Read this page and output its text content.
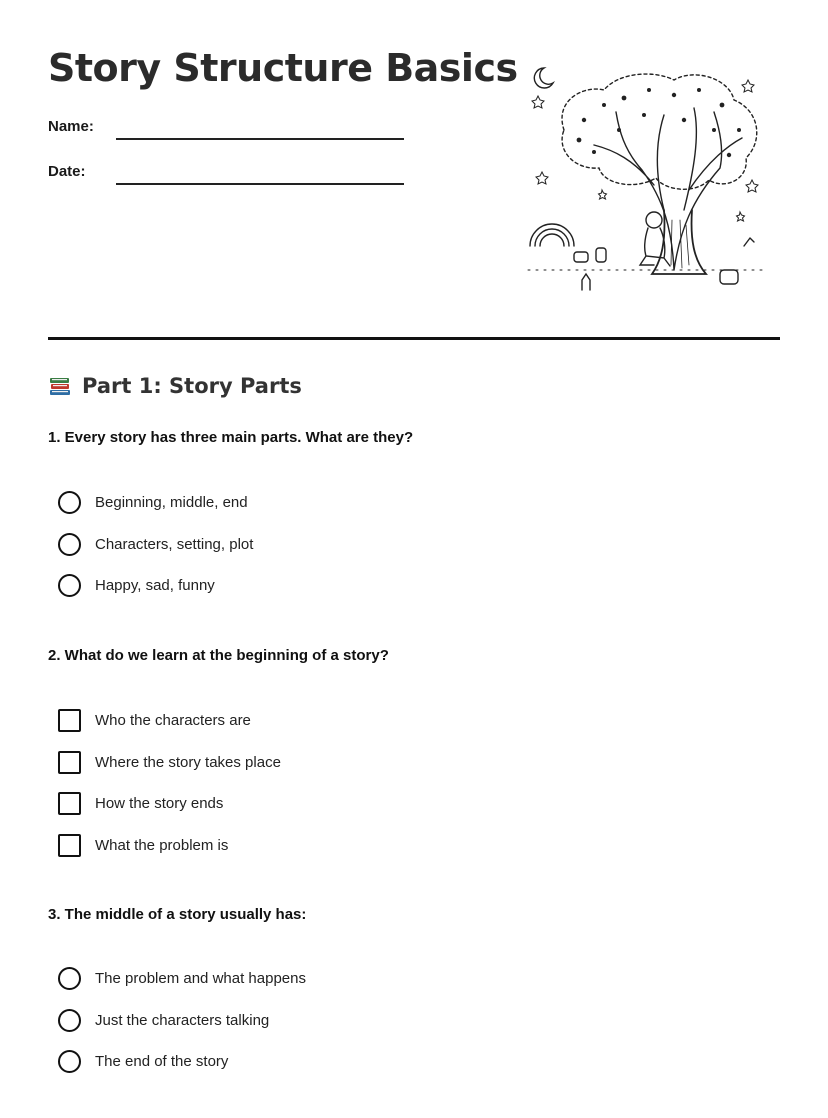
Story Structure Basics
Name:
Date:
Part 1: Story Parts

1. Every story has three main parts. What are they?

Beginning, middle, end
Characters, setting, plot
Happy, sad, funny

2. What do we learn at the beginning of a story?

Who the characters are
Where the story takes place
How the story ends
What the problem is

3. The middle of a story usually has:

The problem and what happens
Just the characters talking
The end of the story
